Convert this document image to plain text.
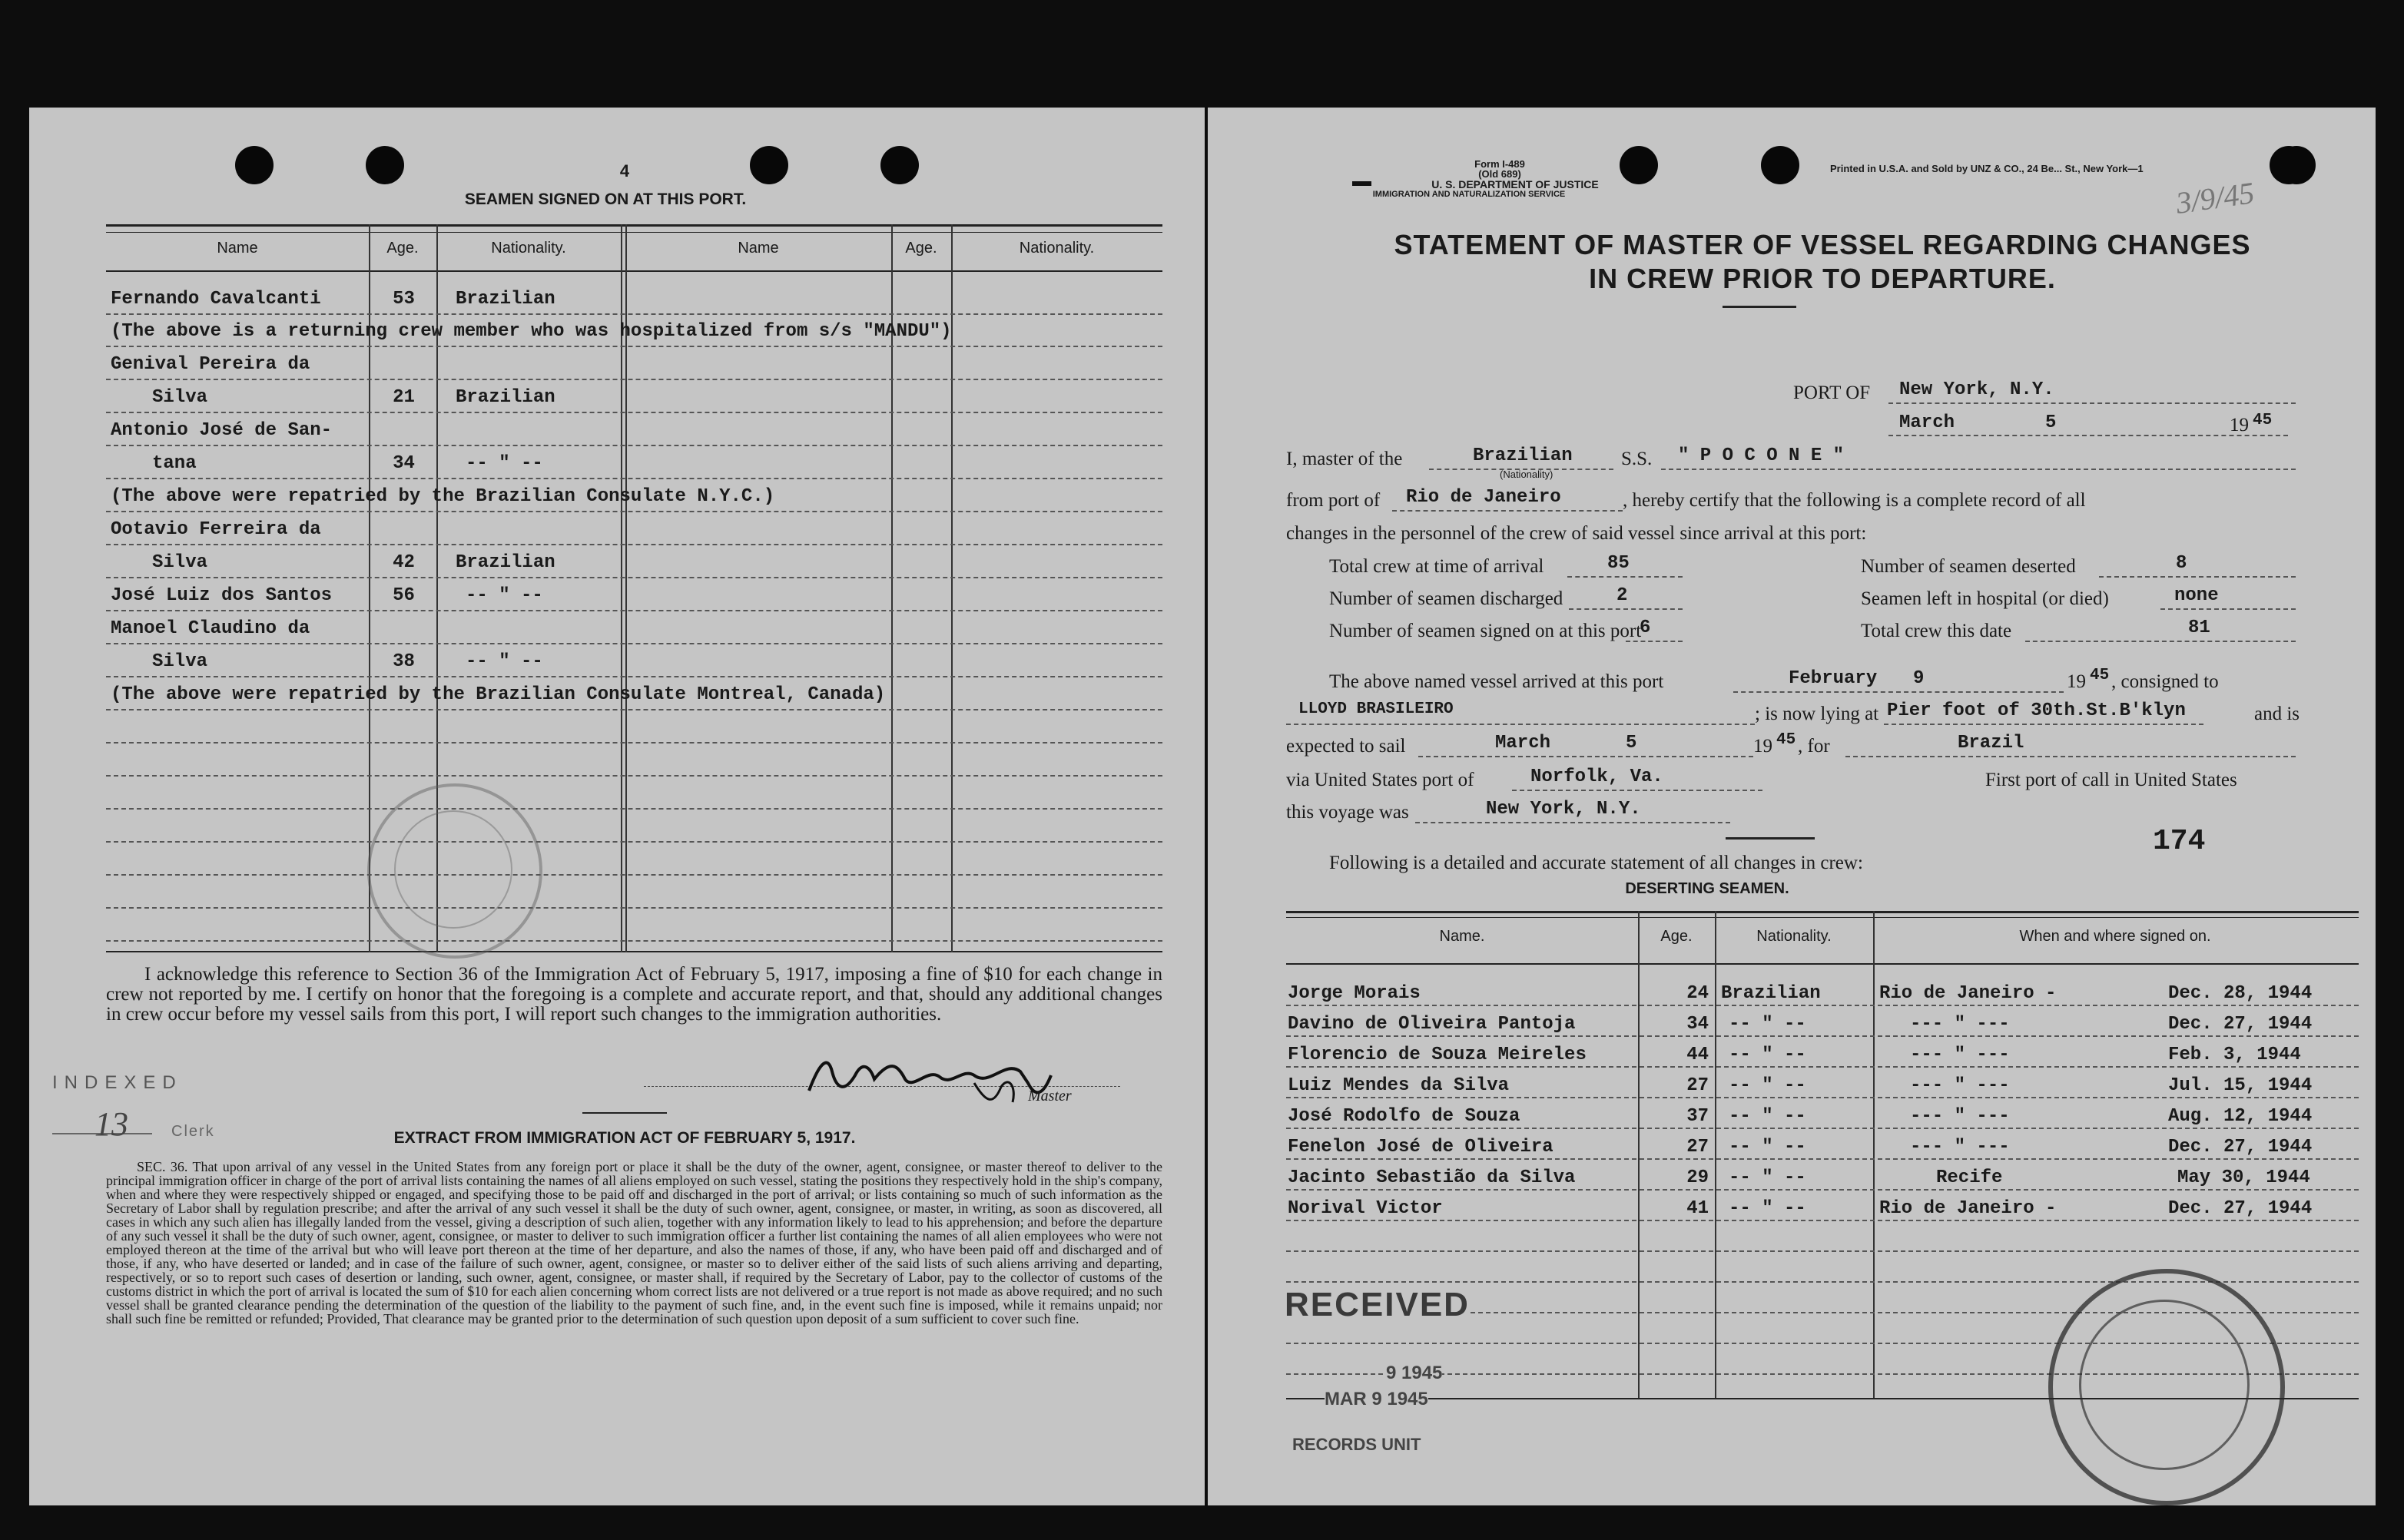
4
SEAMEN SIGNED ON AT THIS PORT.
Name	Age.	Nationality.	Name	Age.	Nationality.
Fernando Cavalcanti	53	Brazilian
(The above is a returning crew member who was hospitalized from s/s "MANDU")
Genival Pereira da
Silva	21	Brazilian
Antonio José de San-
tana	34	-- " --
(The above were repatried by the Brazilian Consulate N.Y.C.)
Ootavio Ferreira da
Silva	42	Brazilian
José Luiz dos Santos	56	-- " --
Manoel Claudino da
Silva	38	-- " --
(The above were repatried by the Brazilian Consulate Montreal, Canada)
I acknowledge this reference to Section 36 of the Immigration Act of February 5, 1917, imposing a fine of $10 for each change in crew not reported by me. I certify on honor that the foregoing is a complete and accurate report, and that, should any additional changes in crew occur before my vessel sails from this port, I will report such changes to the immigration authorities.
Master
INDEXED
13	Clerk	EXTRACT FROM IMMIGRATION ACT OF FEBRUARY 5, 1917.
SEC. 36. That upon arrival of any vessel in the United States from any foreign port or place it shall be the duty of the owner, agent, consignee, or master thereof to deliver to the principal immigration officer in charge of the port of arrival lists containing the names of all aliens employed on such vessel, stating the positions they respectively hold in the ship's company, when and where they were respectively shipped or engaged, and specifying those to be paid off and discharged in the port of arrival; or lists containing so much of such information as the Secretary of Labor shall by regulation prescribe; and after the arrival of any such vessel it shall be the duty of such owner, agent, consignee, or master, in writing, as soon as discovered, all cases in which any such alien has illegally landed from the vessel, giving a description of such alien, together with any information likely to lead to his apprehension; and before the departure of any such vessel it shall be the duty of such owner, agent, consignee, or master to deliver to such immigration officer a further list containing the names of all alien employees who were not employed thereon at the time of the arrival but who will leave port thereon at the time of her departure, and also the names of those, if any, who have been paid off and discharged and of those, if any, who have deserted or landed; and in case of the failure of such owner, agent, consignee, or master so to deliver either of the said lists of such aliens arriving and departing, respectively, or so to report such cases of desertion or landing, such owner, agent, consignee, or master shall, if required by the Secretary of Labor, pay to the collector of customs of the customs district in which the port of arrival is located the sum of $10 for each alien concerning whom correct lists are not delivered or a true report is not made as above required; and no such vessel shall be granted clearance pending the determination of the question of the liability to the payment of such fine, and, in the event such fine is imposed, while it remains unpaid; nor shall such fine be remitted or refunded; Provided, That clearance may be granted prior to the determination of such question upon deposit of a sum sufficient to cover such fine.
Form I-489
(Old 689)
U. S. DEPARTMENT OF JUSTICE
IMMIGRATION AND NATURALIZATION SERVICE
Printed in U.S.A. and Sold by UNZ & CO., 24 Be... St., New York—1
3/9/45
STATEMENT OF MASTER OF VESSEL REGARDING CHANGES
IN CREW PRIOR TO DEPARTURE.
PORT OF New York, N.Y.
March	5	19 45
I, master of the	Brazilian
(Nationality)
S.S. " P O C O N E "
from port of Rio de Janeiro	, hereby certify that the following is a complete record of all
changes in the personnel of the crew of said vessel since arrival at this port:
Total crew at time of arrival	85
Number of seamen discharged	2
Number of seamen signed on at this port
6
Number of seamen deserted	8
Seamen left in hospital (or died)	none
Total crew this date	81
The above named vessel arrived at this port	February 9	19 45 , consigned to
LLOYD BRASILEIRO	; is now lying at Pier foot of 30th.St.B'klyn	and is
expected to sail	March	5	19 45 , for	Brazil
via United States port of	Norfolk, Va.	First port of call in United States
this voyage was	New York, N.Y.
174
Following is a detailed and accurate statement of all changes in crew:
DESERTING SEAMEN.
Name.	Age.	Nationality.	When and where signed on.
Jorge Morais	24 Brazilian	Rio de Janeiro -	Dec. 28, 1944
Davino de Oliveira Pantoja	34 -- " --	--- " ---	Dec. 27, 1944
Florencio de Souza Meireles	44 -- " --	--- " ---	Feb. 3, 1944
Luiz Mendes da Silva	27 -- " --	--- " ---	Jul. 15, 1944
José Rodolfo de Souza	37 -- " --	--- " ---	Aug. 12, 1944
Fenelon José de Oliveira	27 -- " --	--- " ---	Dec. 27, 1944
Jacinto Sebastião da Silva	29 -- " --	Recife	May 30, 1944
Norival Victor	41 -- " --	Rio de Janeiro -	Dec. 27, 1944
RECEIVED
9 1945
MAR 9 1945
RECORDS UNIT
